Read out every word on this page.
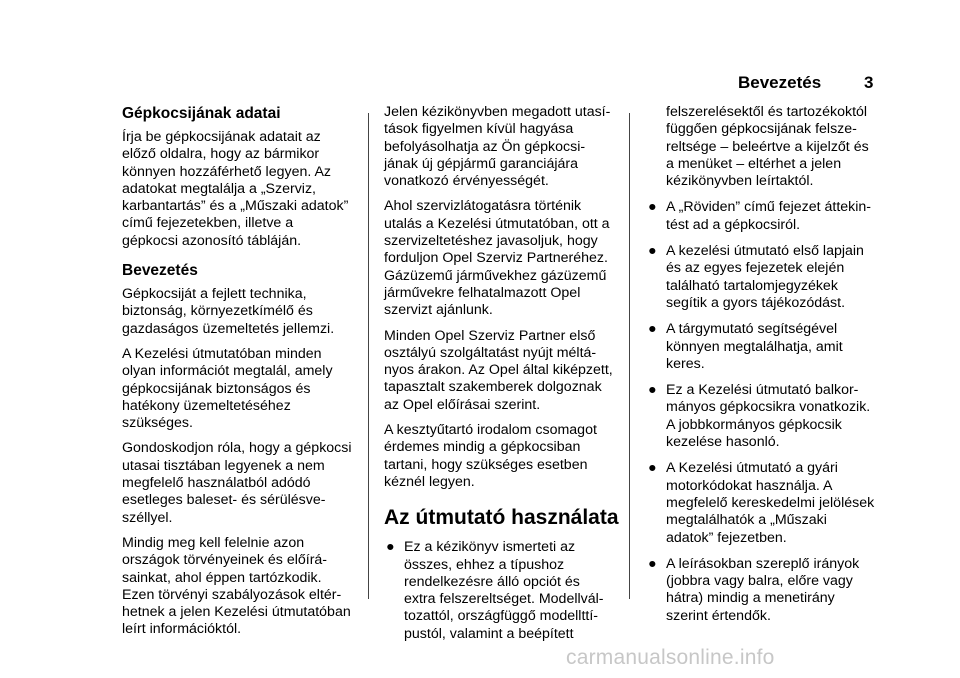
Bevezetés	3
Gépkocsijának adatai
Írja be gépkocsijának adatait az
előző oldalra, hogy az bármikor
könnyen hozzáférhető legyen. Az
adatokat megtalálja a „Szerviz,
karbantartás” és a „Műszaki adatok”
című fejezetekben, illetve a
gépkocsi azonosító tábláján.
Bevezetés
Gépkocsiját a fejlett technika,
biztonság, környezetkímélő és
gazdaságos üzemeltetés jellemzi.
A Kezelési útmutatóban minden
olyan információt megtalál, amely
gépkocsijának biztonságos és
hatékony üzemeltetéséhez
szükséges.
Gondoskodjon róla, hogy a gépkocsi
utasai tisztában legyenek a nem
megfelelő használatból adódó
esetleges baleset- és sérülésve-
széllyel.
Mindig meg kell felelnie azon
országok törvényeinek és előírá-
sainkat, ahol éppen tartózkodik.
Ezen törvényi szabályozások eltér-
hetnek a jelen Kezelési útmutatóban
leírt információktól.
Jelen kézikönyvben megadott utasí-
tások figyelmen kívül hagyása
befolyásolhatja az Ön gépkocsi-
jának új gépjármű garanciájára
vonatkozó érvényességét.
Ahol szervizlátogatásra történik
utalás a Kezelési útmutatóban, ott a
szervizeltetéshez javasoljuk, hogy
forduljon Opel Szerviz Partneréhez.
Gázüzemű járművekhez gázüzemű
járművekre felhatalmazott Opel
szervizt ajánlunk.
Minden Opel Szerviz Partner első
osztályú szolgáltatást nyújt méltá-
nyos árakon. Az Opel által kiképzett,
tapasztalt szakemberek dolgoznak
az Opel előírásai szerint.
A kesztyűtartó irodalom csomagot
érdemes mindig a gépkocsiban
tartani, hogy szükséges esetben
kéznél legyen.
Az útmutató használata
● Ez a kézikönyv ismerteti az
összes, ehhez a típushoz
rendelkezésre álló opciót és
extra felszereltséget. Modellvál-
tozattól, országfüggő modellttí-
pustól, valamint a beépített
felszerelésektől és tartozékoktól
függően gépkocsijának felsze-
reltsége – beleértve a kijelzőt és
a menüket – eltérhet a jelen
kézikönyvben leírtaktól.
● A „Röviden” című fejezet áttekin-
tést ad a gépkocsiról.
● A kezelési útmutató első lapjain
és az egyes fejezetek elején
található tartalomjegyzékek
segítik a gyors tájékozódást.
● A tárgymutató segítségével
könnyen megtalálhatja, amit
keres.
● Ez a Kezelési útmutató balkor-
mányos gépkocsikra vonatkozik.
A jobbkormányos gépkocsik
kezelése hasonló.
● A Kezelési útmutató a gyári
motorkódokat használja. A
megfelelő kereskedelmi jelölések
megtalálhatók a „Műszaki
adatok” fejezetben.
● A leírásokban szereplő irányok
(jobbra vagy balra, előre vagy
hátra) mindig a menetirány
szerint értendők.
carmanualsonline.info
